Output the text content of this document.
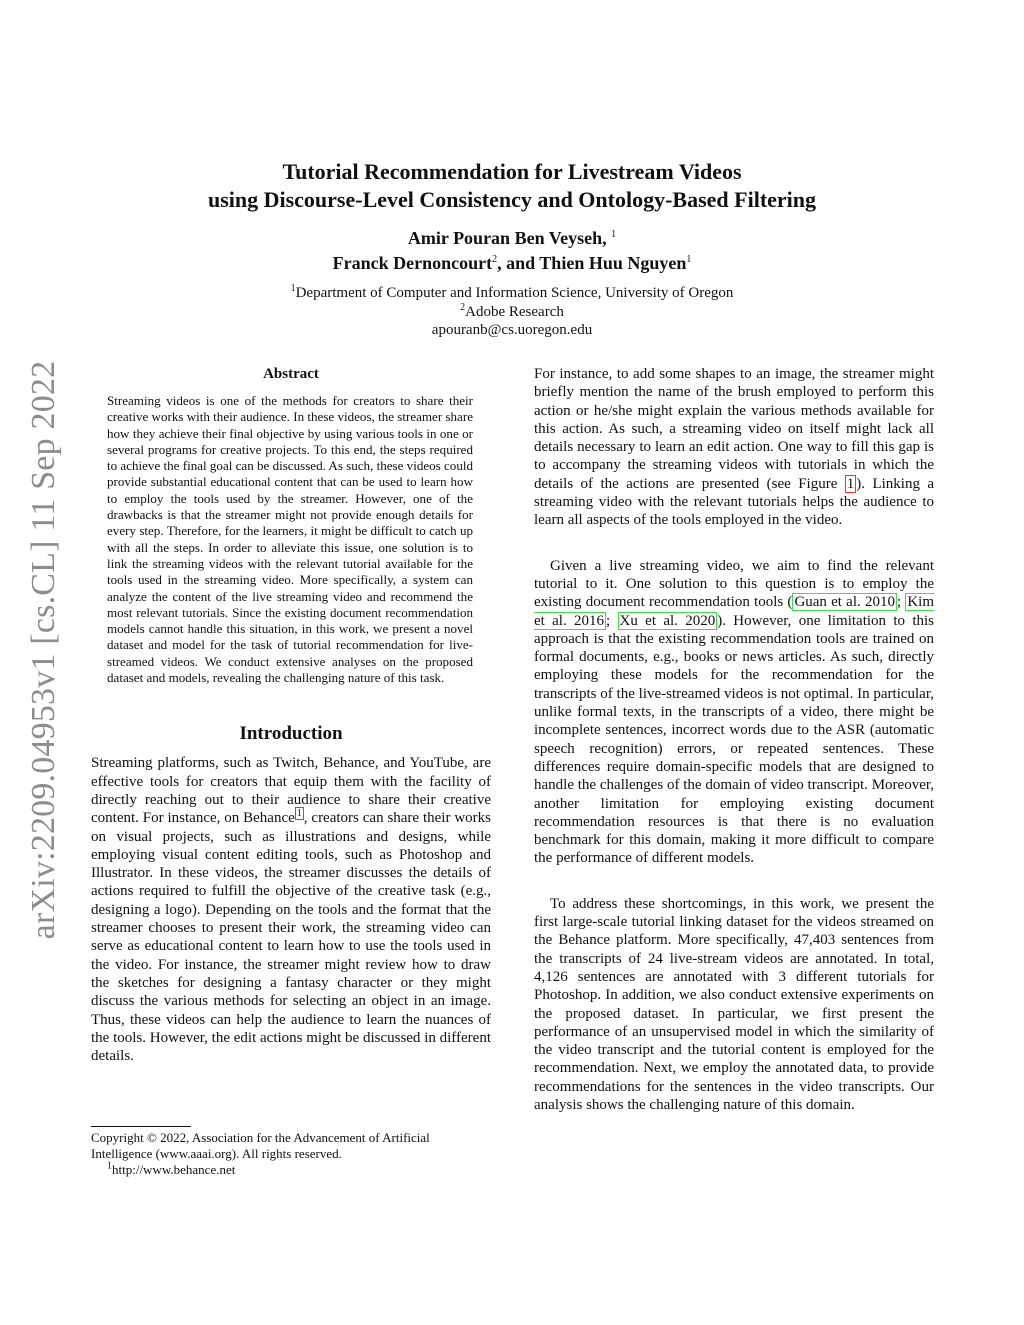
arXiv:2209.04953v1 [cs.CL] 11 Sep 2022
Tutorial Recommendation for Livestream Videos
using Discourse-Level Consistency and Ontology-Based Filtering
Amir Pouran Ben Veyseh, $^1$
Franck Dernoncourt$^2$, and Thien Huu Nguyen$^1$
$^1$Department of Computer and Information Science, University of Oregon
$^2$Adobe Research
apouranb@cs.uoregon.edu
Abstract

Streaming videos is one of the methods for creators to share their creative works with their audience. In these videos, the streamer share how they achieve their final objective by using various tools in one or several programs for creative projects. To this end, the steps required to achieve the final goal can be discussed. As such, these videos could provide substantial educational content that can be used to learn how to employ the tools used by the streamer. However, one of the drawbacks is that the streamer might not provide enough details for every step. Therefore, for the learners, it might be difficult to catch up with all the steps. In order to alleviate this issue, one solution is to link the streaming videos with the relevant tutorial available for the tools used in the streaming video. More specifically, a system can analyze the content of the live streaming video and recommend the most relevant tutorials. Since the existing document recommendation models cannot handle this situation, in this work, we present a novel dataset and model for the task of tutorial recommendation for live-streamed videos. We conduct extensive analyses on the proposed dataset and models, revealing the challenging nature of this task.

Introduction

Streaming platforms, such as Twitch, Behance, and YouTube, are effective tools for creators that equip them with the facility of directly reaching out to their audience to share their creative content. For instance, on Behance $^1$ , creators can share their works on visual projects, such as illustrations and designs, while employing visual content editing tools, such as Photoshop and Illustrator. In these videos, the streamer discusses the details of actions required to fulfill the objective of the creative task (e.g., designing a logo). Depending on the tools and the format that the streamer chooses to present their work, the streaming video can serve as educational content to learn how to use the tools used in the video. For instance, the streamer might review how to draw the sketches for designing a fantasy character or they might discuss the various methods for selecting an object in an image. Thus, these videos can help the audience to learn the nuances of the tools. However, the edit actions might be discussed in different details.

Copyright © 2022, Association for the Advancement of Artificial Intelligence (www.aaai.org). All rights reserved.

$^1$http://www.behance.net

For instance, to add some shapes to an image, the streamer might briefly mention the name of the brush employed to perform this action or he/she might explain the various methods available for this action. As such, a streaming video on itself might lack all details necessary to learn an edit action. One way to fill this gap is to accompany the streaming videos with tutorials in which the details of the actions are presented (see Figure 1 ). Linking a streaming video with the relevant tutorials helps the audience to learn all aspects of the tools employed in the video.

Given a live streaming video, we aim to find the relevant tutorial to it. One solution to this question is to employ the existing document recommendation tools ( Guan et al. 2010 ; Kim et al. 2016 ; Xu et al. 2020 ). However, one limitation to this approach is that the existing recommendation tools are trained on formal documents, e.g., books or news articles. As such, directly employing these models for the recommendation for the transcripts of the live-streamed videos is not optimal. In particular, unlike formal texts, in the transcripts of a video, there might be incomplete sentences, incorrect words due to the ASR (automatic speech recognition) errors, or repeated sentences. These differences require domain-specific models that are designed to handle the challenges of the domain of video transcript. Moreover, another limitation for employing existing document recommendation resources is that there is no evaluation benchmark for this domain, making it more difficult to compare the performance of different models.

To address these shortcomings, in this work, we present the first large-scale tutorial linking dataset for the videos streamed on the Behance platform. More specifically, 47,403 sentences from the transcripts of 24 live-stream videos are annotated. In total, 4,126 sentences are annotated with 3 different tutorials for Photoshop. In addition, we also conduct extensive experiments on the proposed dataset. In particular, we first present the performance of an unsupervised model in which the similarity of the video transcript and the tutorial content is employed for the recommendation. Next, we employ the annotated data, to provide recommendations for the sentences in the video transcripts. Our analysis shows the challenging nature of this domain.
